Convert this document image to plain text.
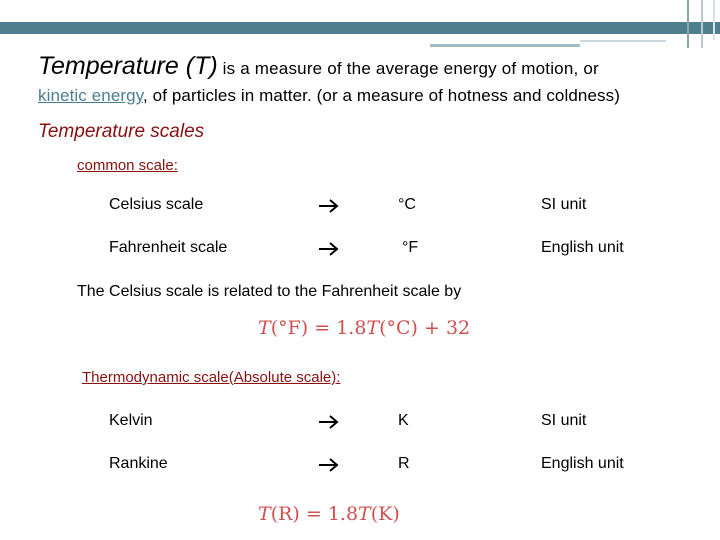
Temperature (T) is a measure of the average energy of motion, or
kinetic energy, of particles in matter. (or a measure of hotness and coldness)
Temperature scales
common scale:
Celsius scale	°C	SI unit
Fahrenheit scale	°F	English unit
The Celsius scale is related to the Fahrenheit scale by
T(°F) = 1.8T(°C) + 32
Thermodynamic scale(Absolute scale):
Kelvin	K	SI unit
Rankine	R	English unit
T(R) = 1.8T(K)
